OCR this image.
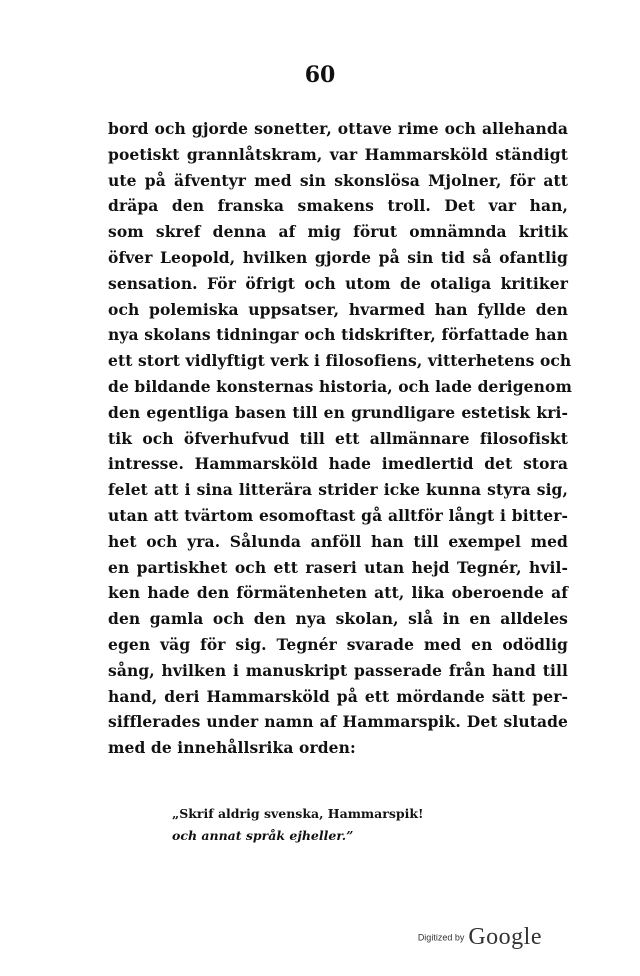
60
bord och gjorde sonetter, ottave rime och allehanda
poetiskt grannlåtskram, var Hammarsköld ständigt
ute på äfventyr med sin skonslösa Mjolner, för att
dräpa den franska smakens troll. Det var han,
som skref denna af mig förut omnämnda kritik
öfver Leopold, hvilken gjorde på sin tid så ofantlig
sensation. För öfrigt och utom de otaliga kritiker
och polemiska uppsatser, hvarmed han fyllde den
nya skolans tidningar och tidskrifter, författade han
ett stort vidlyftigt verk i filosofiens, vitterhetens och
de bildande konsternas historia, och lade derigenom
den egentliga basen till en grundligare estetisk kri-
tik och öfverhufvud till ett allmännare filosofiskt
intresse. Hammarsköld hade imedlertid det stora
felet att i sina litterära strider icke kunna styra sig,
utan att tvärtom esomoftast gå alltför långt i bitter-
het och yra. Sålunda anföll han till exempel med
en partiskhet och ett raseri utan hejd Tegnér, hvil-
ken hade den förmätenheten att, lika oberoende af
den gamla och den nya skolan, slå in en alldeles
egen väg för sig. Tegnér svarade med en odödlig
sång, hvilken i manuskript passerade från hand till
hand, deri Hammarsköld på ett mördande sätt per-
sifflerades under namn af Hammarspik. Det slutade
med de innehållsrika orden:
„Skrif aldrig svenska, Hammarspik!
och annat språk ejheller.”
Digitized by Google
